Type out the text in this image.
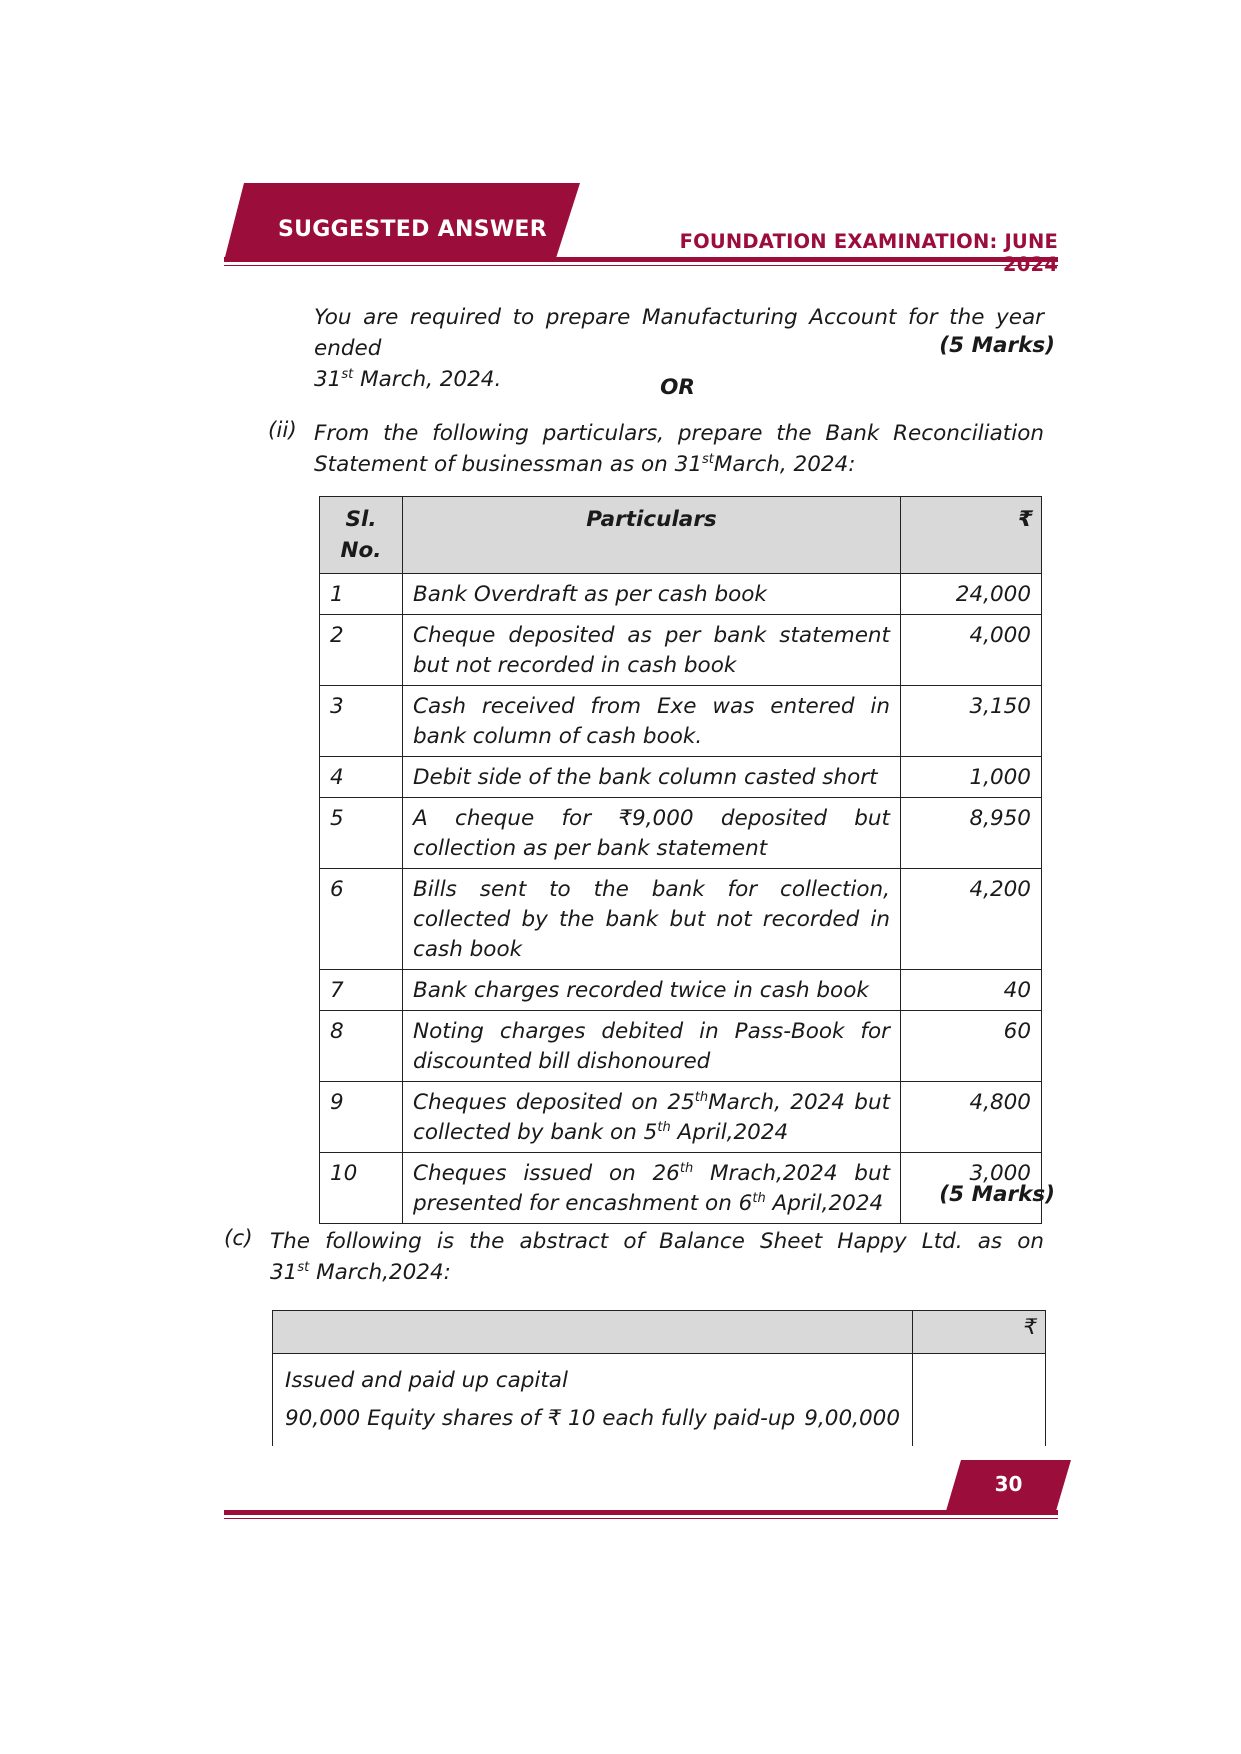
SUGGESTED ANSWER	FOUNDATION EXAMINATION: JUNE
You are required to prepare Manufacturing Account for the year ended
31st March, 2024.
(5 Marks)
OR
(ii) From the following particulars, prepare the Bank Reconciliation
Statement of businessman as on 31stMarch, 2024:
Sl. No.	Particulars	₹
1	Bank Overdraft as per cash book	24,000
2	Cheque deposited as per bank statement but not recorded in cash book	4,000
3	Cash received from Exe was entered in bank column of cash book.	3,150
4	Debit side of the bank column casted short	1,000
5	A cheque for ₹9,000 deposited but collection as per bank statement	8,950
6	Bills sent to the bank for collection, collected by the bank but not recorded in cash book	4,200
7	Bank charges recorded twice in cash book	40
8	Noting charges debited in Pass-Book for discounted bill dishonoured	60
9	Cheques deposited on 25thMarch, 2024 but collected by bank on 5th April,2024	4,800
10	Cheques issued on 26th Mrach,2024 but presented for encashment on 6th April,2024	3,000
(5 Marks)
(c) The following is the abstract of Balance Sheet Happy Ltd. as on
31st March,2024:
	₹

Issued and paid up capital
90,000 Equity shares of ₹ 10 each fully paid-up 9,00,000	

30
